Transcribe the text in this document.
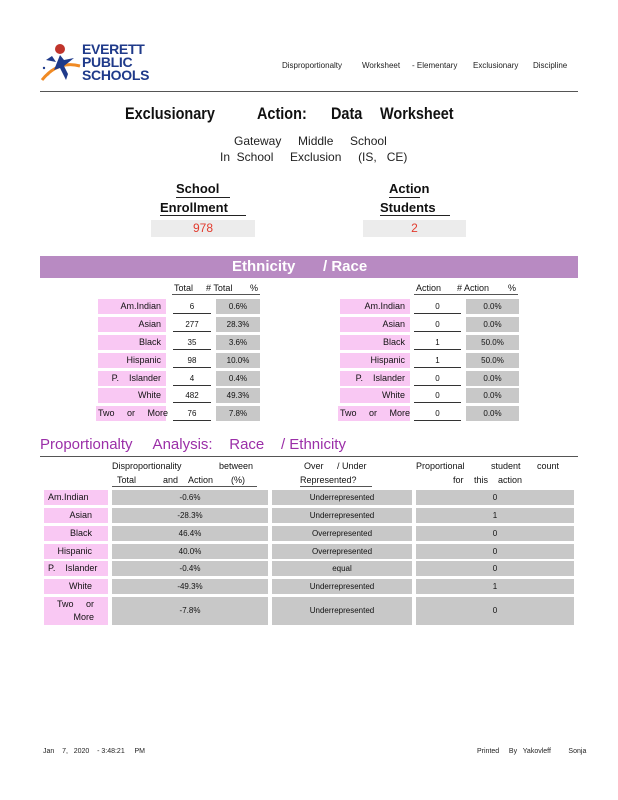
EVERETT
PUBLIC
SCHOOLS
Disproportionalty Worksheet - Elementary Exclusionary Discipline
Exclusionary Action: Data Worksheet
Gateway     Middle     School
In  School     Exclusion     (IS,   CE)
School
Enrollment
978
Action
Students
2
Ethnicity / Race
Total # Total %	Action # Action %
Am.Indian	6	0.6%
Asian	277	28.3%
Black	35	3.6%
Hispanic	98	10.0%
P.    Islander	4	0.4%
White	482	49.3%
Two     or     More	76	7.8%
Am.Indian	0	0.0%
Asian	0	0.0%
Black	1	50.0%
Hispanic	1	50.0%
P.    Islander	0	0.0%
White	0	0.0%
Two     or     More	0	0.0%
Proportionalty     Analysis:    Race    / Ethnicity
Disproportionality	between
Total	and Action (%)
Over / Under
Represented?
Proportional	student count
for this action
Am.Indian	-0.6%	Underrepresented	0
Asian	-28.3%	Underrepresented	1
Black	46.4%	Overrepresented	0
Hispanic	40.0%	Overrepresented	0
P.    Islander	-0.4%	equal	0
White	-49.3%	Underrepresented	1
Two     or
More
-7.8%	Underrepresented	0
Jan    7,   2020    - 3:48:21     PM	Printed     By   Yakovleff         Sonja
